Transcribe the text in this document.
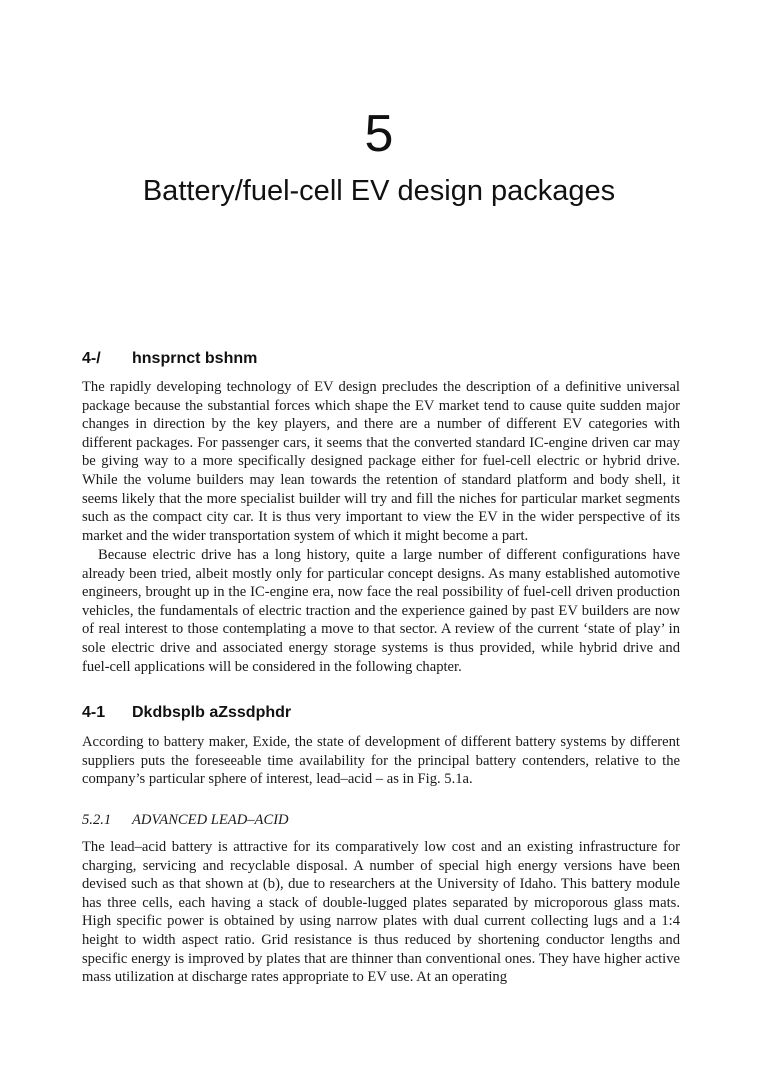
5
Battery/fuel-cell EV design packages
4-/ hnsprnct bshnm

The rapidly developing technology of EV design precludes the description of a definitive universal package because the substantial forces which shape the EV market tend to cause quite sudden major changes in direction by the key players, and there are a number of different EV categories with different packages. For passenger cars, it seems that the converted standard IC-engine driven car may be giving way to a more specifically designed package either for fuel-cell electric or hybrid drive. While the volume builders may lean towards the retention of standard platform and body shell, it seems likely that the more specialist builder will try and fill the niches for particular market segments such as the compact city car. It is thus very important to view the EV in the wider perspective of its market and the wider transportation system of which it might become a part.

Because electric drive has a long history, quite a large number of different configurations have already been tried, albeit mostly only for particular concept designs. As many established automotive engineers, brought up in the IC-engine era, now face the real possibility of fuel-cell driven production vehicles, the fundamentals of electric traction and the experience gained by past EV builders are now of real interest to those contemplating a move to that sector. A review of the current ‘state of play’ in sole electric drive and associated energy storage systems is thus provided, while hybrid drive and fuel-cell applications will be considered in the following chapter.

4-1 Dkdbsplb aZssdphdr

According to battery maker, Exide, the state of development of different battery systems by different suppliers puts the foreseeable time availability for the principal battery contenders, relative to the company’s particular sphere of interest, lead–acid – as in Fig. 5.1a.

5.2.1 ADVANCED LEAD–ACID

The lead–acid battery is attractive for its comparatively low cost and an existing infrastructure for charging, servicing and recyclable disposal. A number of special high energy versions have been devised such as that shown at (b), due to researchers at the University of Idaho. This battery module has three cells, each having a stack of double-lugged plates separated by microporous glass mats. High specific power is obtained by using narrow plates with dual current collecting lugs and a 1:4 height to width aspect ratio. Grid resistance is thus reduced by shortening conductor lengths and specific energy is improved by plates that are thinner than conventional ones. They have higher active mass utilization at discharge rates appropriate to EV use. At an operating
